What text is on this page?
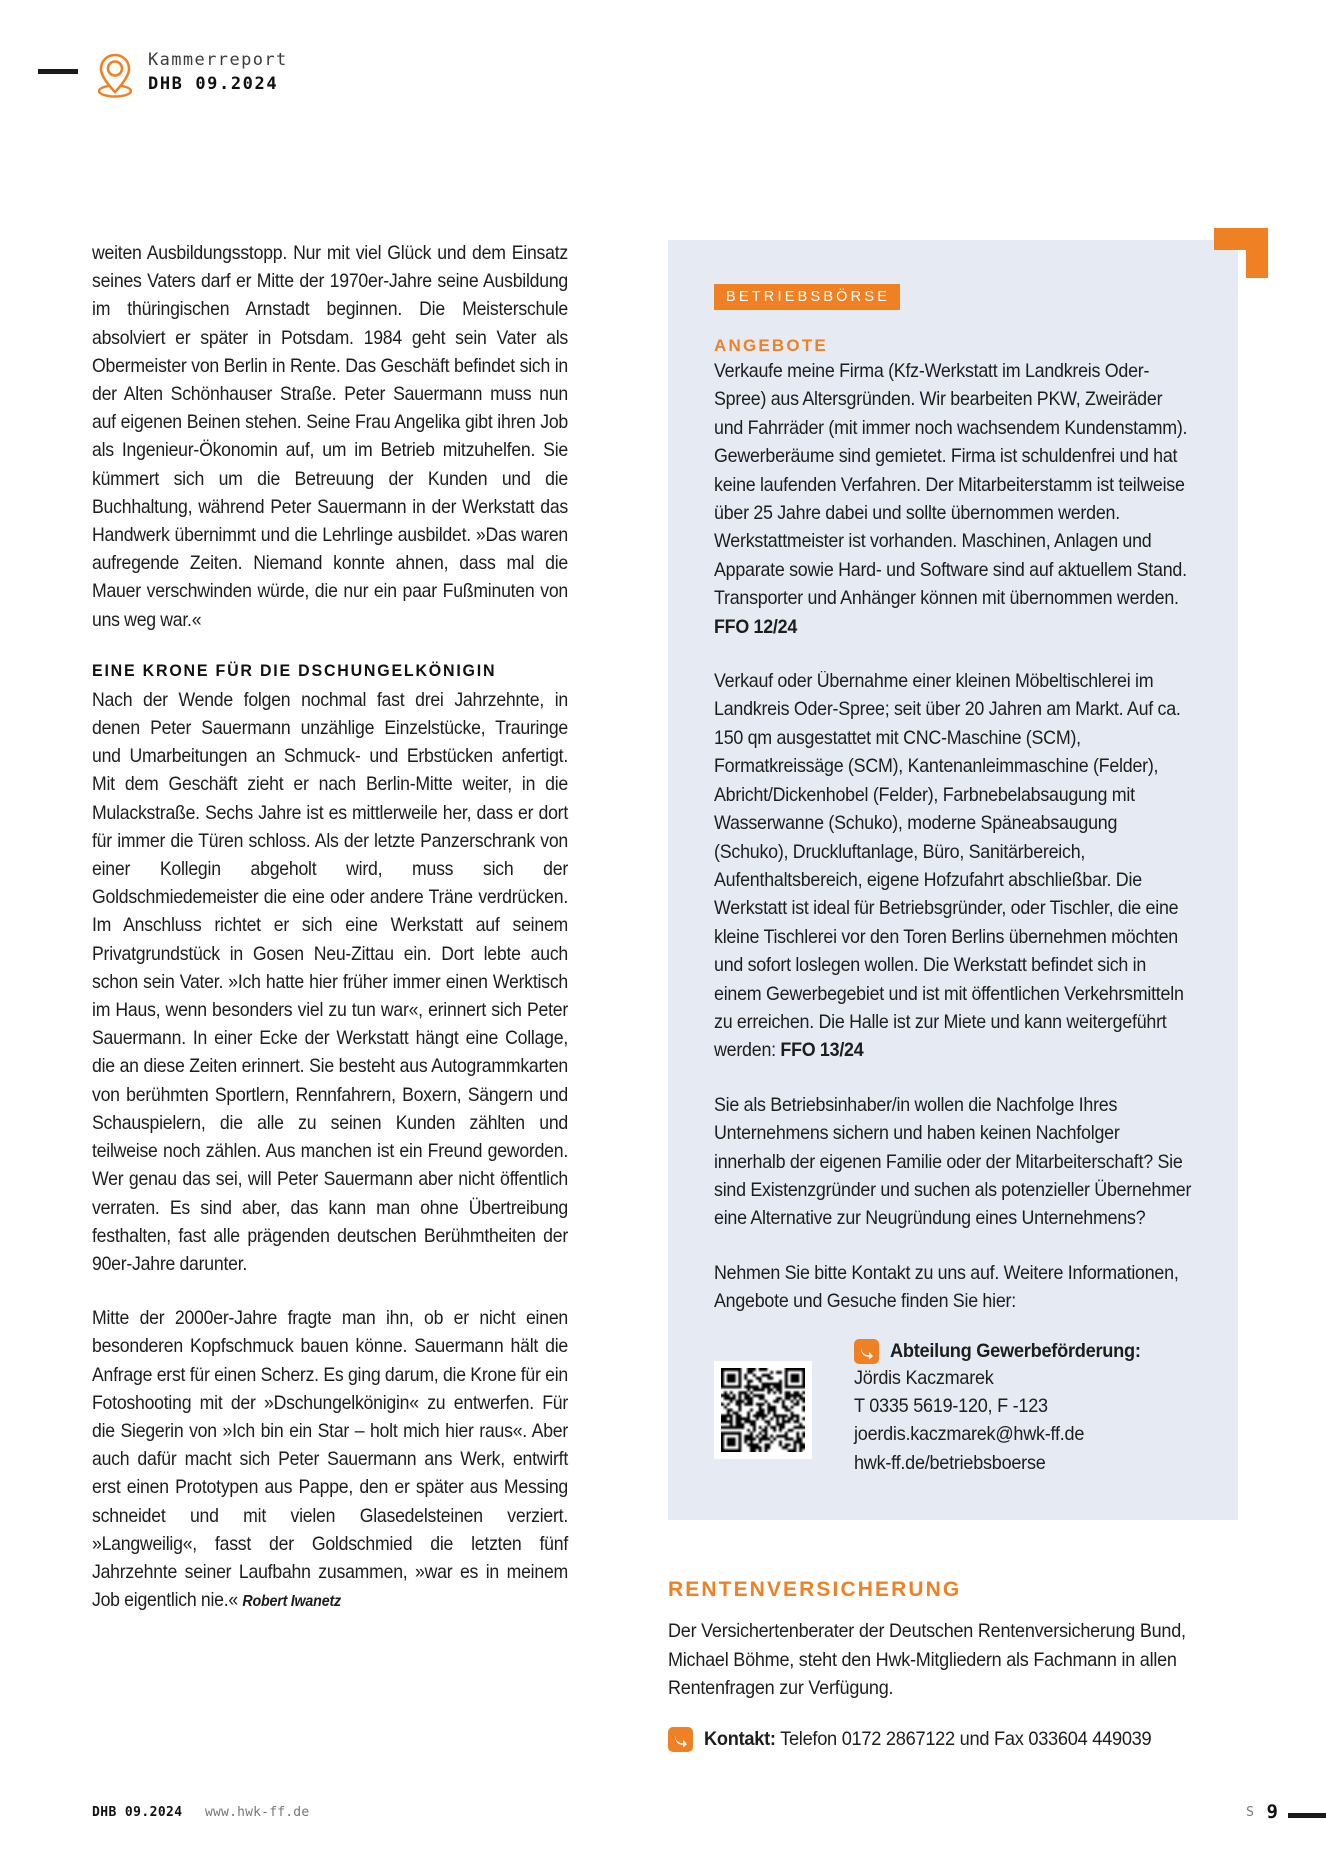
Kammerreport
DHB 09.2024

weiten Ausbildungsstopp. Nur mit viel Glück und dem Einsatz seines Vaters darf er Mitte der 1970er-Jahre seine Ausbildung im thüringischen Arnstadt beginnen. Die Meisterschule absolviert er später in Potsdam. 1984 geht sein Vater als Obermeister von Berlin in Rente. Das Geschäft befindet sich in der Alten Schönhauser Straße. Peter Sauermann muss nun auf eigenen Beinen stehen. Seine Frau Angelika gibt ihren Job als Ingenieur-Ökonomin auf, um im Betrieb mitzuhelfen. Sie kümmert sich um die Betreuung der Kunden und die Buchhaltung, während Peter Sauermann in der Werkstatt das Handwerk übernimmt und die Lehrlinge ausbildet. »Das waren aufregende Zeiten. Niemand konnte ahnen, dass mal die Mauer verschwinden würde, die nur ein paar Fußminuten von uns weg war.«

EINE KRONE FÜR DIE DSCHUNGELKÖNIGIN

Nach der Wende folgen nochmal fast drei Jahrzehnte, in denen Peter Sauermann unzählige Einzelstücke, Trauringe und Umarbeitungen an Schmuck- und Erbstücken anfertigt. Mit dem Geschäft zieht er nach Berlin-Mitte weiter, in die Mulackstraße. Sechs Jahre ist es mittlerweile her, dass er dort für immer die Türen schloss. Als der letzte Panzerschrank von einer Kollegin abgeholt wird, muss sich der Goldschmiedemeister die eine oder andere Träne verdrücken. Im Anschluss richtet er sich eine Werkstatt auf seinem Privatgrundstück in Gosen Neu-Zittau ein. Dort lebte auch schon sein Vater. »Ich hatte hier früher immer einen Werktisch im Haus, wenn besonders viel zu tun war«, erinnert sich Peter Sauermann. In einer Ecke der Werkstatt hängt eine Collage, die an diese Zeiten erinnert. Sie besteht aus Autogrammkarten von berühmten Sportlern, Rennfahrern, Boxern, Sängern und Schauspielern, die alle zu seinen Kunden zählten und teilweise noch zählen. Aus manchen ist ein Freund geworden. Wer genau das sei, will Peter Sauermann aber nicht öffentlich verraten. Es sind aber, das kann man ohne Übertreibung festhalten, fast alle prägenden deutschen Berühmtheiten der 90er-Jahre darunter.

Mitte der 2000er-Jahre fragte man ihn, ob er nicht einen besonderen Kopfschmuck bauen könne. Sauermann hält die Anfrage erst für einen Scherz. Es ging darum, die Krone für ein Fotoshooting mit der »Dschungelkönigin« zu entwerfen. Für die Siegerin von »Ich bin ein Star – holt mich hier raus«. Aber auch dafür macht sich Peter Sauermann ans Werk, entwirft erst einen Prototypen aus Pappe, den er später aus Messing schneidet und mit vielen Glasedelsteinen verziert. »Langweilig«, fasst der Goldschmied die letzten fünf Jahrzehnte seiner Laufbahn zusammen, »war es in meinem Job eigentlich nie.« Robert Iwanetz

BETRIEBSBÖRSE
ANGEBOTE

Verkaufe meine Firma (Kfz-Werkstatt im Landkreis Oder-Spree) aus Altersgründen. Wir bearbeiten PKW, Zweiräder und Fahrräder (mit immer noch wachsendem Kundenstamm). Gewerberäume sind gemietet. Firma ist schuldenfrei und hat keine laufenden Verfahren. Der Mitarbeiterstamm ist teilweise über 25 Jahre dabei und sollte übernommen werden. Werkstattmeister ist vorhanden. Maschinen, Anlagen und Apparate sowie Hard- und Software sind auf aktuellem Stand. Transporter und Anhänger können mit übernommen werden. FFO 12/24

Verkauf oder Übernahme einer kleinen Möbeltischlerei im Landkreis Oder-Spree; seit über 20 Jahren am Markt. Auf ca. 150 qm ausgestattet mit CNC-Maschine (SCM), Formatkreissäge (SCM), Kantenanleimmaschine (Felder), Abricht/Dickenhobel (Felder), Farbnebelabsaugung mit Wasserwanne (Schuko), moderne Späneabsaugung (Schuko), Druckluftanlage, Büro, Sanitärbereich, Aufenthaltsbereich, eigene Hofzufahrt abschließbar. Die Werkstatt ist ideal für Betriebsgründer, oder Tischler, die eine kleine Tischlerei vor den Toren Berlins übernehmen möchten und sofort loslegen wollen. Die Werkstatt befindet sich in einem Gewerbegebiet und ist mit öffentlichen Verkehrsmitteln zu erreichen. Die Halle ist zur Miete und kann weitergeführt werden: FFO 13/24

Sie als Betriebsinhaber/in wollen die Nachfolge Ihres Unternehmens sichern und haben keinen Nachfolger innerhalb der eigenen Familie oder der Mitarbeiterschaft? Sie sind Existenzgründer und suchen als potenzieller Übernehmer eine Alternative zur Neugründung eines Unternehmens?

Nehmen Sie bitte Kontakt zu uns auf. Weitere Informationen, Angebote und Gesuche finden Sie hier:

Abteilung Gewerbeförderung:
Jördis Kaczmarek
T 0335 5619-120, F -123
joerdis.kaczmarek@hwk-ff.de
hwk-ff.de/betriebsboerse
RENTENVERSICHERUNG

Der Versichertenberater der Deutschen Rentenversicherung Bund, Michael Böhme, steht den Hwk-Mitgliedern als Fachmann in allen Rentenfragen zur Verfügung.

Kontakt: Telefon 0172 2867122 und Fax 033604 449039
DHB 09.2024 www.hwk-ff.de	S 9
